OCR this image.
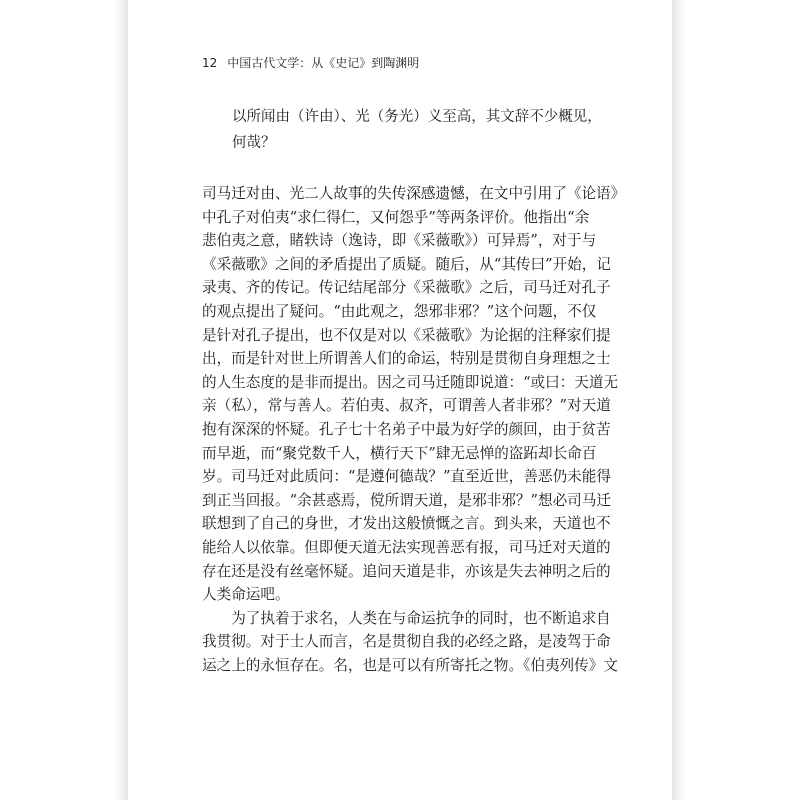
12 中国古代文学：从《史记》到陶渊明
以所闻由（许由）、光（务光）义至高，其文辞不少概见，
何哉？
司马迁对由、光二人故事的失传深感遗憾，在文中引用了《论语》
中孔子对伯夷“求仁得仁，又何怨乎”等两条评价。他指出“余
悲伯夷之意，睹轶诗（逸诗，即《采薇歌》）可异焉”，对于与
《采薇歌》之间的矛盾提出了质疑。随后，从“其传曰”开始，记
录夷、齐的传记。传记结尾部分《采薇歌》之后，司马迁对孔子
的观点提出了疑问。“由此观之，怨邪非邪？”这个问题，不仅
是针对孔子提出，也不仅是对以《采薇歌》为论据的注释家们提
出，而是针对世上所谓善人们的命运，特别是贯彻自身理想之士
的人生态度的是非而提出。因之司马迁随即说道：“或曰：天道无
亲（私），常与善人。若伯夷、叔齐，可谓善人者非邪？”对天道
抱有深深的怀疑。孔子七十名弟子中最为好学的颜回，由于贫苦
而早逝，而“聚党数千人，横行天下”肆无忌惮的盗跖却长命百
岁。司马迁对此质问：“是遵何德哉？”直至近世，善恶仍未能得
到正当回报。“余甚惑焉，傥所谓天道，是邪非邪？”想必司马迁
联想到了自己的身世，才发出这般愤慨之言。到头来，天道也不
能给人以依靠。但即便天道无法实现善恶有报，司马迁对天道的
存在还是没有丝毫怀疑。追问天道是非，亦该是失去神明之后的
人类命运吧。
　　为了执着于求名，人类在与命运抗争的同时，也不断追求自
我贯彻。对于士人而言，名是贯彻自我的必经之路，是凌驾于命
运之上的永恒存在。名，也是可以有所寄托之物。《伯夷列传》文
